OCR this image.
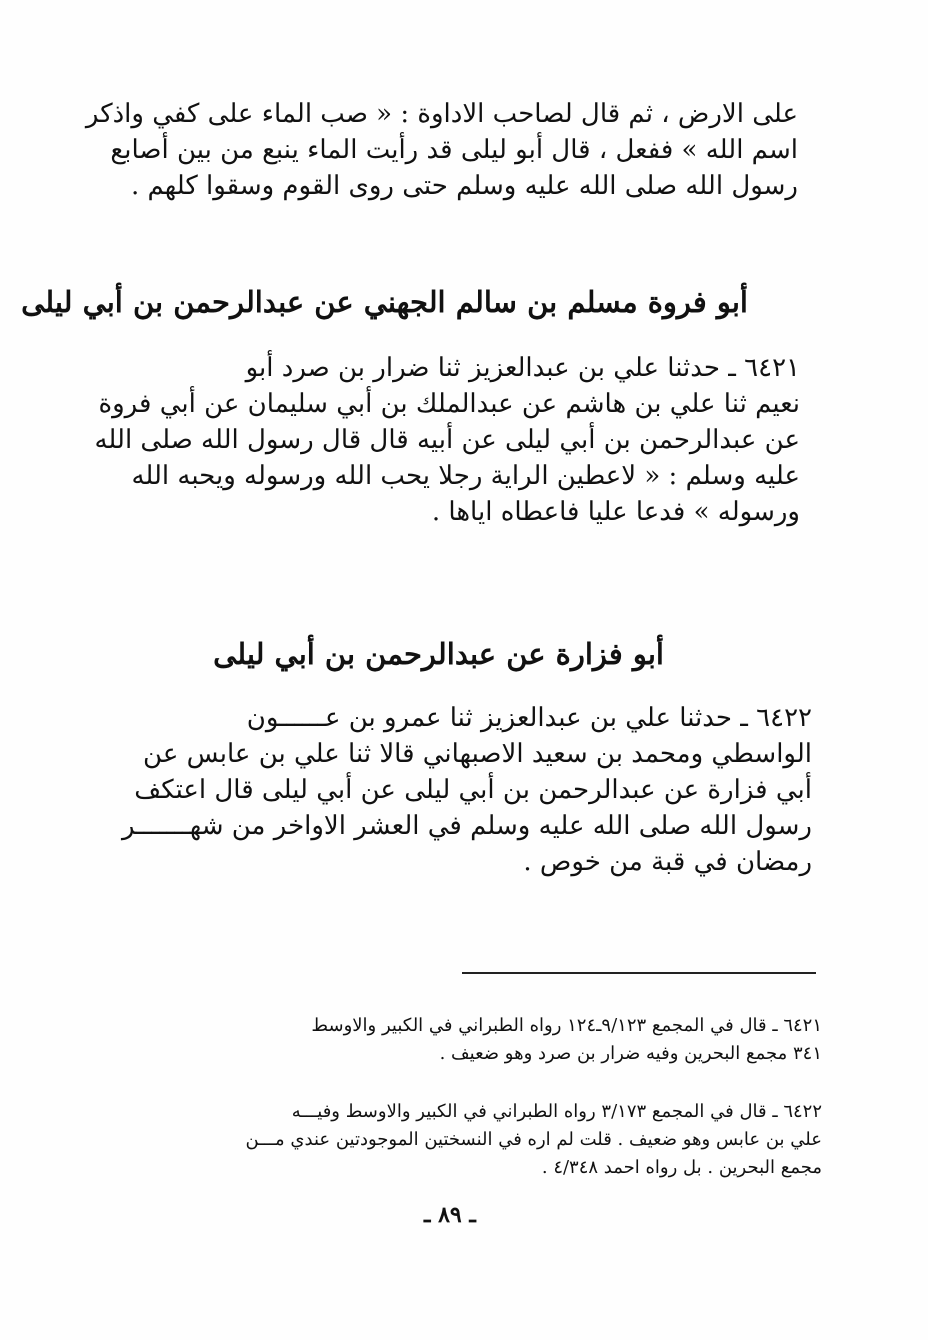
على الارض ، ثم قال لصاحب الاداوة : « صب الماء على كفي واذكر
اسم الله » ففعل ، قال أبو ليلى قد رأيت الماء ينبع من بين أصابع
رسول الله صلى الله عليه وسلم حتى روى القوم وسقوا كلهم .
أبو فروة مسلم بن سالم الجهني عن عبدالرحمن بن أبي ليلى
٦٤٢١ ـ حدثنا علي بن عبدالعزيز ثنا ضرار بن صرد أبو
نعيم ثنا علي بن هاشم عن عبدالملك بن أبي سليمان عن أبي فروة
عن عبدالرحمن بن أبي ليلى عن أبيه قال قال رسول الله صلى الله
عليه وسلم : « لاعطين الراية رجلا يحب الله ورسوله ويحبه الله
ورسوله » فدعا عليا فاعطاه اياها .
أبو فزارة عن عبدالرحمن بن أبي ليلى
٦٤٢٢ ـ حدثنا علي بن عبدالعزيز ثنا عمرو بن عــــــون
الواسطي ومحمد بن سعيد الاصبهاني قالا ثنا علي بن عابس عن
أبي فزارة عن عبدالرحمن بن أبي ليلى عن أبي ليلى قال اعتكف
رسول الله صلى الله عليه وسلم في العشر الاواخر من شهـــــــر
رمضان في قبة من خوص .
٦٤٢١ ـ قال في المجمع ٩/١٢٣ـ١٢٤ رواه الطبراني في الكبير والاوسط
٣٤١ مجمع البحرين وفيه ضرار بن صرد وهو ضعيف .
٦٤٢٢ ـ قال في المجمع ٣/١٧٣ رواه الطبراني في الكبير والاوسط وفيـــه
علي بن عابس وهو ضعيف . قلت لم اره في النسختين الموجودتين عندي مـــن
مجمع البحرين . بل رواه احمد ٤/٣٤٨ .
ـ ٨٩ ـ
